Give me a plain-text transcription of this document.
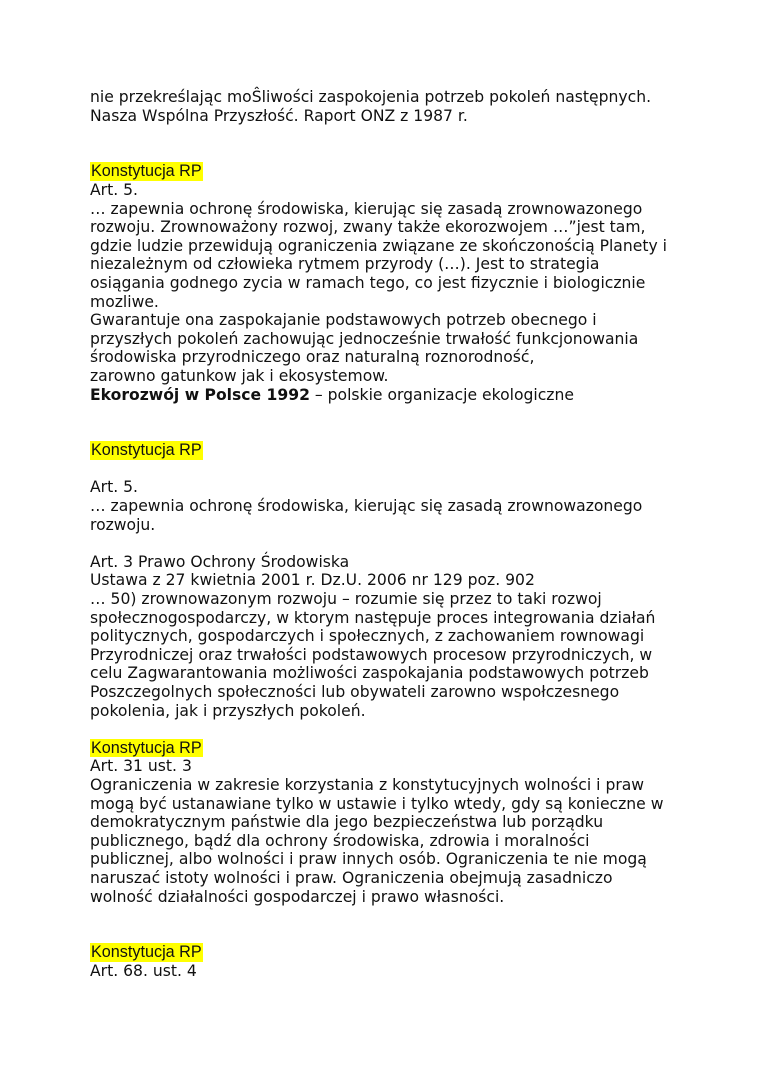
nie przekreślając moŜliwości zaspokojenia potrzeb pokoleń następnych.
Nasza Wspólna Przyszłość. Raport ONZ z 1987 r.
Konstytucja RP
Art. 5.
… zapewnia ochronę środowiska, kierując się zasadą zrownowazonego
rozwoju. Zrownoważony rozwoj, zwany także ekorozwojem …”jest tam,
gdzie ludzie przewidują ograniczenia związane ze skończonością Planety i
niezależnym od człowieka rytmem przyrody (…). Jest to strategia
osiągania godnego zycia w ramach tego, co jest fizycznie i biologicznie
mozliwe.
Gwarantuje ona zaspokajanie podstawowych potrzeb obecnego i
przyszłych pokoleń zachowując jednocześnie trwałość funkcjonowania
środowiska przyrodniczego oraz naturalną roznorodność,
zarowno gatunkow jak i ekosystemow.
Ekorozwój w Polsce 1992 – polskie organizacje ekologiczne
Konstytucja RP
Art. 5.
… zapewnia ochronę środowiska, kierując się zasadą zrownowazonego
rozwoju.
Art. 3 Prawo Ochrony Środowiska
Ustawa z 27 kwietnia 2001 r. Dz.U. 2006 nr 129 poz. 902
… 50) zrownowazonym rozwoju – rozumie się przez to taki rozwoj
społecznogospodarczy, w ktorym następuje proces integrowania działań
politycznych, gospodarczych i społecznych, z zachowaniem rownowagi
Przyrodniczej oraz trwałości podstawowych procesow przyrodniczych, w
celu Zagwarantowania możliwości zaspokajania podstawowych potrzeb
Poszczegolnych społeczności lub obywateli zarowno wspołczesnego
pokolenia, jak i przyszłych pokoleń.
Konstytucja RP
Art. 31 ust. 3
Ograniczenia w zakresie korzystania z konstytucyjnych wolności i praw
mogą być ustanawiane tylko w ustawie i tylko wtedy, gdy są konieczne w
demokratycznym państwie dla jego bezpieczeństwa lub porządku
publicznego, bądź dla ochrony środowiska, zdrowia i moralności
publicznej, albo wolności i praw innych osób. Ograniczenia te nie mogą
naruszać istoty wolności i praw. Ograniczenia obejmują zasadniczo
wolność działalności gospodarczej i prawo własności.
Konstytucja RP
Art. 68. ust. 4
